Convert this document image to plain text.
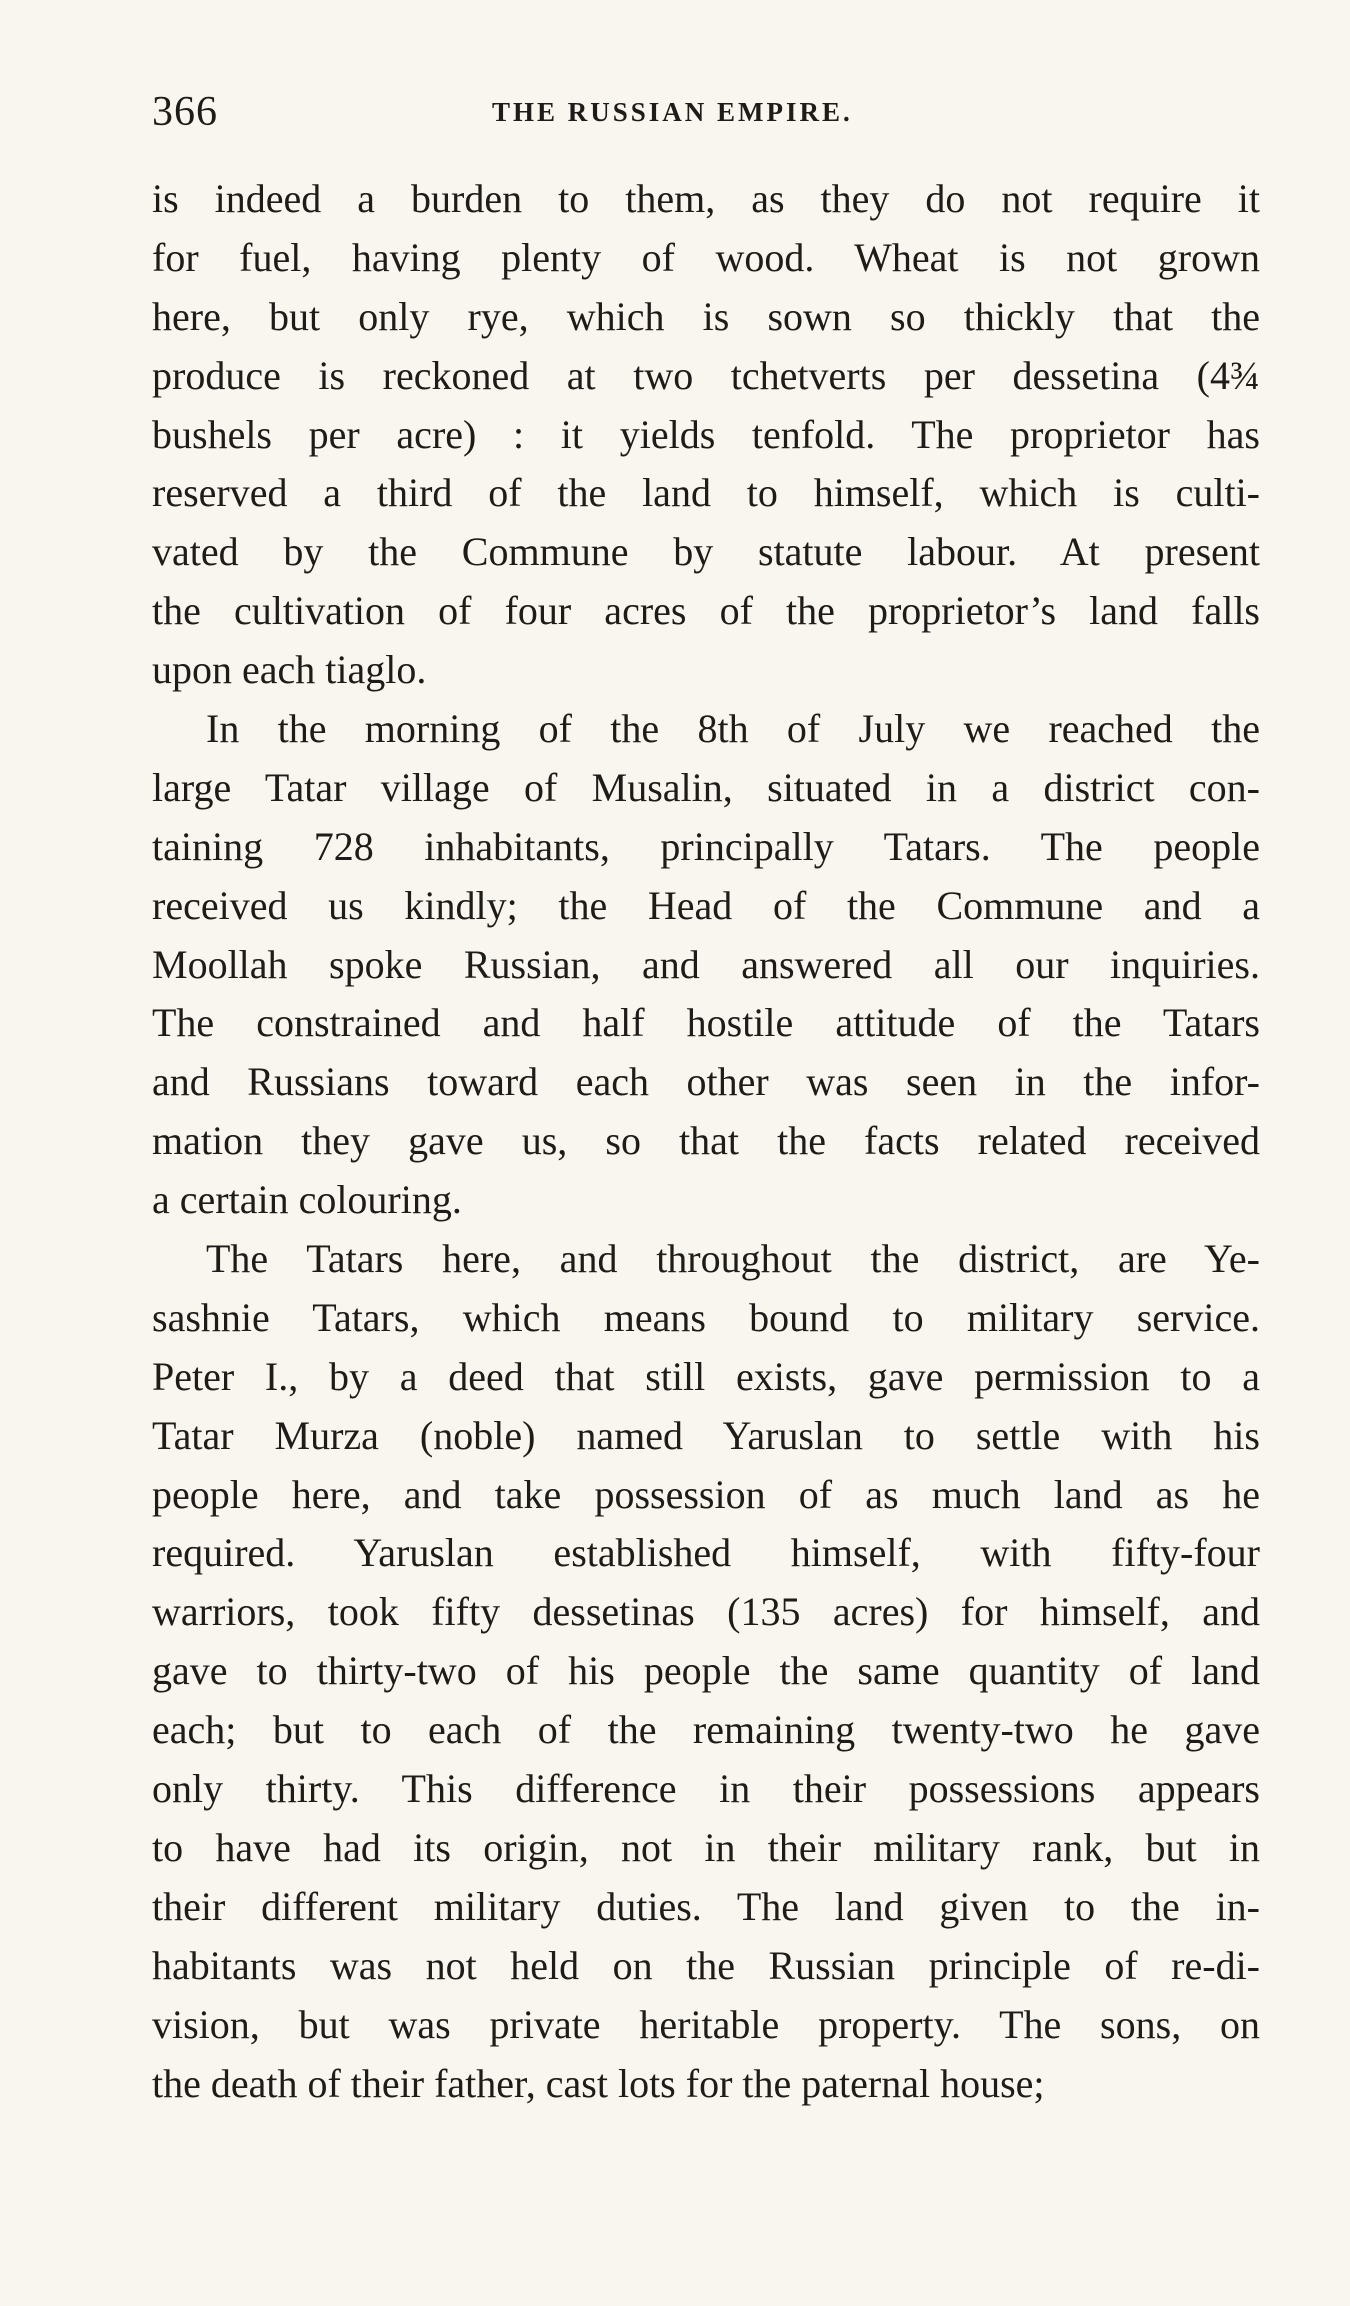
366	THE RUSSIAN EMPIRE.
is indeed a burden to them, as they do not require it
for fuel, having plenty of wood. Wheat is not grown
here, but only rye, which is sown so thickly that the
produce is reckoned at two tchetverts per dessetina (4¾
bushels per acre) : it yields tenfold. The proprietor has
reserved a third of the land to himself, which is culti-
vated by the Commune by statute labour. At present
the cultivation of four acres of the proprietor’s land falls
upon each tiaglo.
In the morning of the 8th of July we reached the
large Tatar village of Musalin, situated in a district con-
taining 728 inhabitants, principally Tatars. The people
received us kindly; the Head of the Commune and a
Moollah spoke Russian, and answered all our inquiries.
The constrained and half hostile attitude of the Tatars
and Russians toward each other was seen in the infor-
mation they gave us, so that the facts related received
a certain colouring.
The Tatars here, and throughout the district, are Ye-
sashnie Tatars, which means bound to military service.
Peter I., by a deed that still exists, gave permission to a
Tatar Murza (noble) named Yaruslan to settle with his
people here, and take possession of as much land as he
required. Yaruslan established himself, with fifty-four
warriors, took fifty dessetinas (135 acres) for himself, and
gave to thirty-two of his people the same quantity of land
each; but to each of the remaining twenty-two he gave
only thirty. This difference in their possessions appears
to have had its origin, not in their military rank, but in
their different military duties. The land given to the in-
habitants was not held on the Russian principle of re-di-
vision, but was private heritable property. The sons, on
the death of their father, cast lots for the paternal house;
